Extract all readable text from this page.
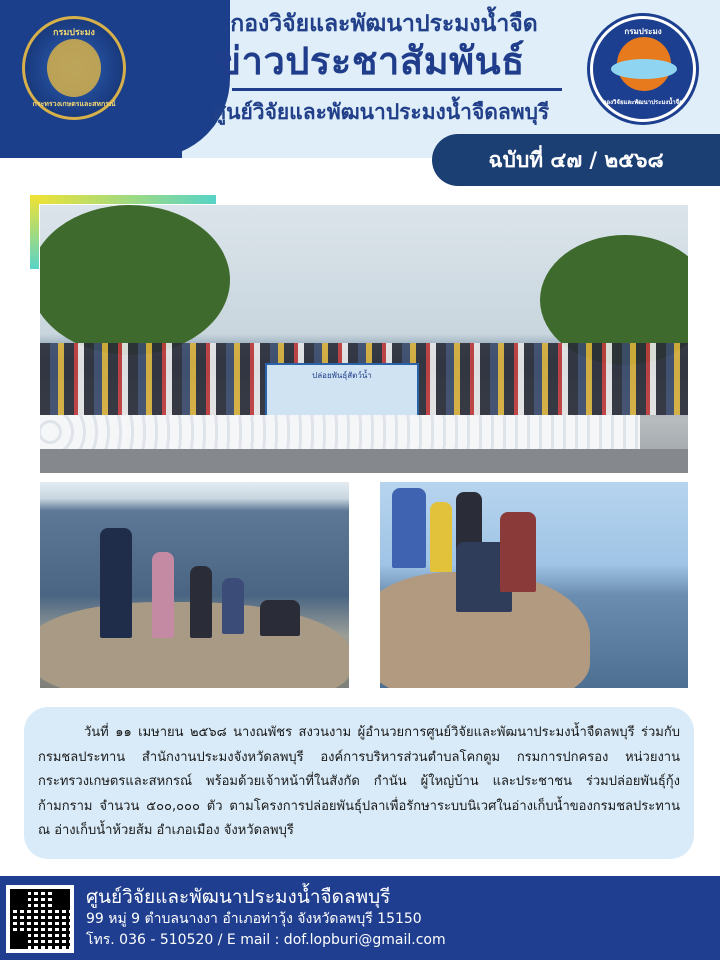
กรมประมง
กระทรวงเกษตรและสหกรณ์
กองวิจัยและพัฒนาประมงน้ำจืด
ข่าวประชาสัมพันธ์
ศูนย์วิจัยและพัฒนาประมงน้ำจืดลพบุรี
กรมประมง
กองวิจัยและพัฒนาประมงน้ำจืด
ฉบับที่ ๔๗ / ๒๕๖๘
ปล่อยพันธุ์สัตว์น้ำ
วันที่ ๑๑ เมษายน ๒๕๖๘ นางณพัชร สงวนงาม ผู้อำนวยการศูนย์วิจัยและพัฒนาประมงน้ำจืดลพบุรี ร่วมกับกรมชลประทาน สำนักงานประมงจังหวัดลพบุรี องค์การบริหารส่วนตำบลโคกตูม กรมการปกครอง หน่วยงานกระทรวงเกษตรและสหกรณ์ พร้อมด้วยเจ้าหน้าที่ในสังกัด กำนัน ผู้ใหญ่บ้าน และประชาชน ร่วมปล่อยพันธุ์กุ้งก้ามกราม จำนวน ๕๐๐,๐๐๐ ตัว ตามโครงการปล่อยพันธุ์ปลาเพื่อรักษาระบบนิเวศในอ่างเก็บน้ำของกรมชลประทาน ณ อ่างเก็บน้ำห้วยส้ม อำเภอเมือง จังหวัดลพบุรี
ศูนย์วิจัยและพัฒนาประมงน้ำจืดลพบุรี
99 หมู่ 9 ตำบลนางงา อำเภอท่าวุ้ง จังหวัดลพบุรี 15150
โทร. 036 - 510520 / E mail : dof.lopburi@gmail.com
